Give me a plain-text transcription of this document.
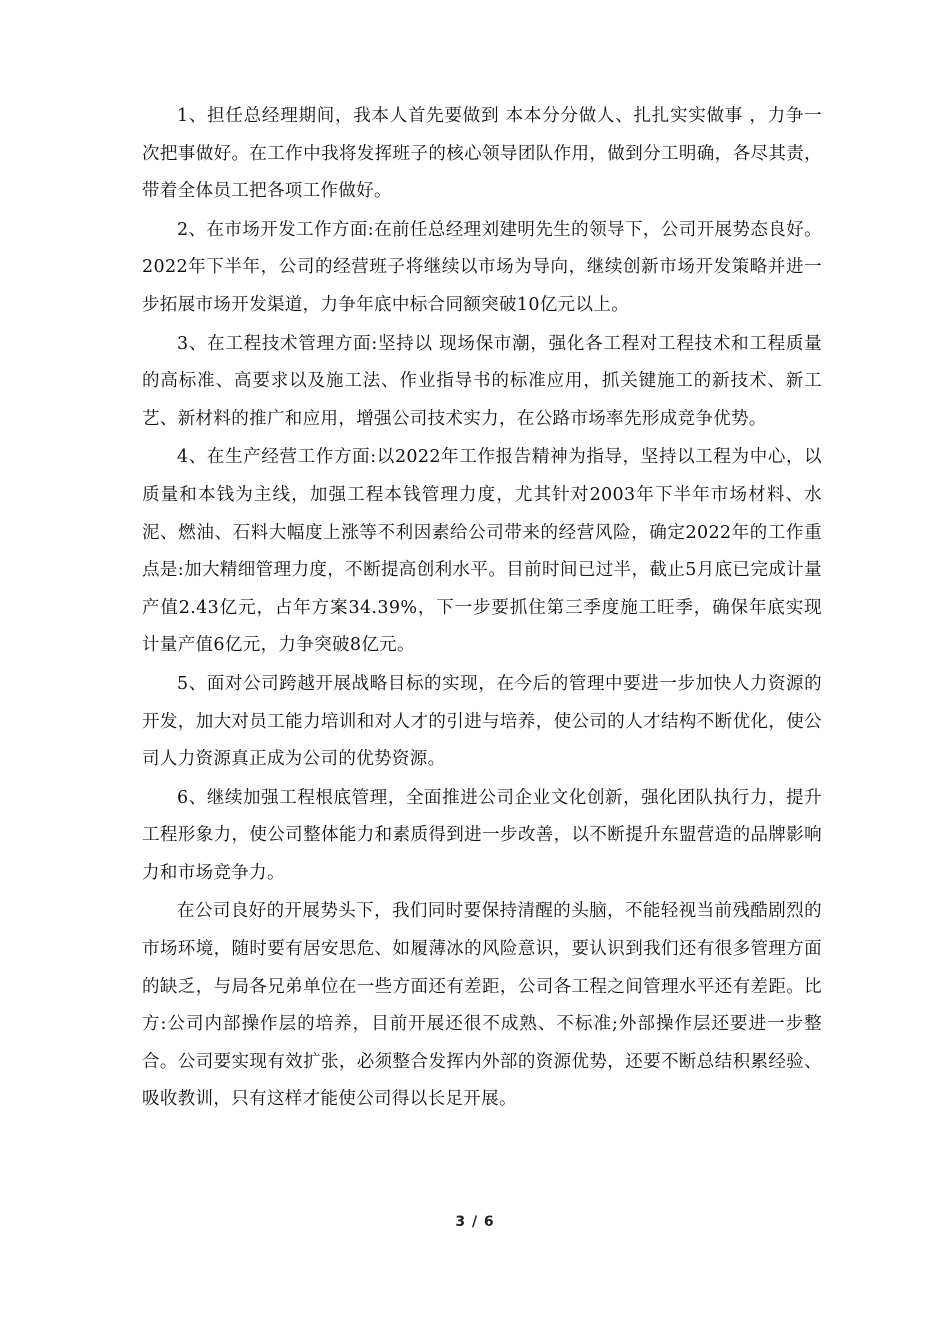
1、担任总经理期间，我本人首先要做到 本本分分做人、扎扎实实做事 ，力争一次把事做好。在工作中我将发挥班子的核心领导团队作用，做到分工明确，各尽其责，带着全体员工把各项工作做好。

2、在市场开发工作方面:在前任总经理刘建明先生的领导下，公司开展势态良好。2022年下半年，公司的经营班子将继续以市场为导向，继续创新市场开发策略并进一步拓展市场开发渠道，力争年底中标合同额突破10亿元以上。

3、在工程技术管理方面:坚持以 现场保市潮，强化各工程对工程技术和工程质量的高标准、高要求以及施工法、作业指导书的标准应用，抓关键施工的新技术、新工艺、新材料的推广和应用，增强公司技术实力，在公路市场率先形成竞争优势。

4、在生产经营工作方面:以2022年工作报告精神为指导，坚持以工程为中心，以质量和本钱为主线，加强工程本钱管理力度，尤其针对2003年下半年市场材料、水泥、燃油、石料大幅度上涨等不利因素给公司带来的经营风险，确定2022年的工作重点是:加大精细管理力度，不断提高创利水平。目前时间已过半，截止5月底已完成计量产值2.43亿元，占年方案34.39%，下一步要抓住第三季度施工旺季，确保年底实现计量产值6亿元，力争突破8亿元。

5、面对公司跨越开展战略目标的实现，在今后的管理中要进一步加快人力资源的开发，加大对员工能力培训和对人才的引进与培养，使公司的人才结构不断优化，使公司人力资源真正成为公司的优势资源。

6、继续加强工程根底管理，全面推进公司企业文化创新，强化团队执行力，提升工程形象力，使公司整体能力和素质得到进一步改善，以不断提升东盟营造的品牌影响力和市场竞争力。

在公司良好的开展势头下，我们同时要保持清醒的头脑，不能轻视当前残酷剧烈的市场环境，随时要有居安思危、如履薄冰的风险意识，要认识到我们还有很多管理方面的缺乏，与局各兄弟单位在一些方面还有差距，公司各工程之间管理水平还有差距。比方:公司内部操作层的培养，目前开展还很不成熟、不标准;外部操作层还要进一步整合。公司要实现有效扩张，必须整合发挥内外部的资源优势，还要不断总结积累经验、吸收教训，只有这样才能使公司得以长足开展。

3 / 6
